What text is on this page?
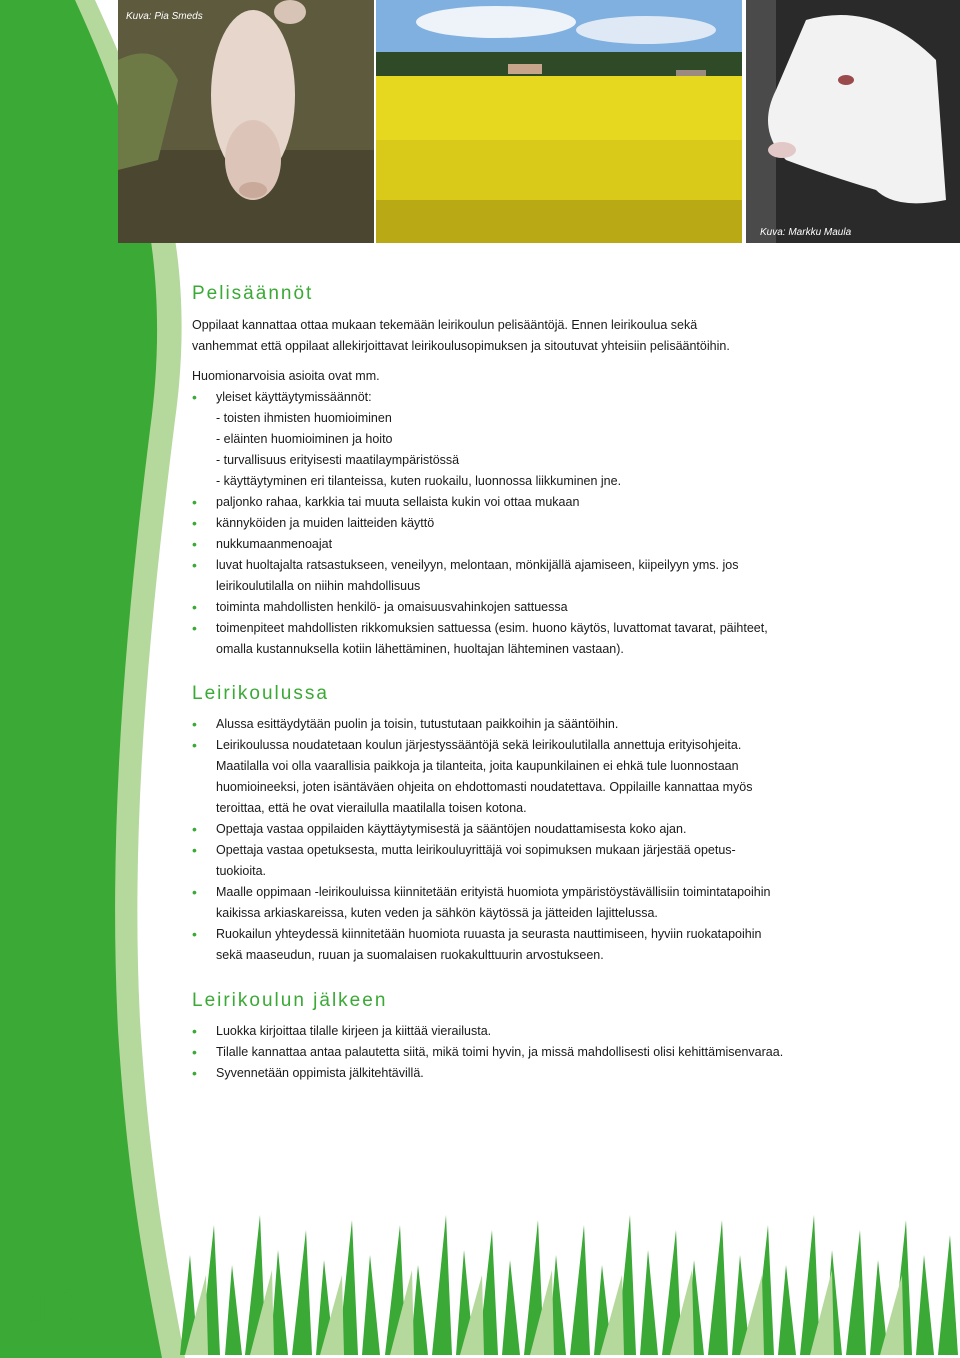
Kuva: Pia Smeds
Kuva: Markku Maula
Pelisäännöt

Oppilaat kannattaa ottaa mukaan tekemään leirikoulun pelisääntöjä. Ennen leirikoulua sekä
vanhemmat että oppilaat allekirjoittavat leirikoulusopimuksen ja sitoutuvat yhteisiin pelisääntöihin.

Huomionarvoisia asioita ovat mm.

• yleiset käyttäytymissäännöt:
- toisten ihmisten huomioiminen
- eläinten huomioiminen ja hoito
- turvallisuus erityisesti maatilaympäristössä
- käyttäytyminen eri tilanteissa, kuten ruokailu, luonnossa liikkuminen jne.
• paljonko rahaa, karkkia tai muuta sellaista kukin voi ottaa mukaan
• kännyköiden ja muiden laitteiden käyttö
• nukkumaanmenoajat
• luvat huoltajalta ratsastukseen, veneilyyn, melontaan, mönkijällä ajamiseen, kiipeilyyn yms. jos
leirikoulutilalla on niihin mahdollisuus
• toiminta mahdollisten henkilö- ja omaisuusvahinkojen sattuessa
• toimenpiteet mahdollisten rikkomuksien sattuessa (esim. huono käytös, luvattomat tavarat, päihteet,
omalla kustannuksella kotiin lähettäminen, huoltajan lähteminen vastaan).
Leirikoulussa
• Alussa esittäydytään puolin ja toisin, tutustutaan paikkoihin ja sääntöihin.
• Leirikoulussa noudatetaan koulun järjestyssääntöjä sekä leirikoulutilalla annettuja erityisohjeita.
Maatilalla voi olla vaarallisia paikkoja ja tilanteita, joita kaupunkilainen ei ehkä tule luonnostaan
huomioineeksi, joten isäntäväen ohjeita on ehdottomasti noudatettava. Oppilaille kannattaa myös
teroittaa, että he ovat vierailulla maatilalla toisen kotona.
• Opettaja vastaa oppilaiden käyttäytymisestä ja sääntöjen noudattamisesta koko ajan.
• Opettaja vastaa opetuksesta, mutta leirikouluyrittäjä voi sopimuksen mukaan järjestää opetus-
tuokioita.
• Maalle oppimaan -leirikouluissa kiinnitetään erityistä huomiota ympäristöystävällisiin toimintatapoihin
kaikissa arkiaskareissa, kuten veden ja sähkön käytössä ja jätteiden lajittelussa.
• Ruokailun yhteydessä kiinnitetään huomiota ruuasta ja seurasta nauttimiseen, hyviin ruokatapoihin
sekä maaseudun, ruuan ja suomalaisen ruokakulttuurin arvostukseen.
Leirikoulun jälkeen
• Luokka kirjoittaa tilalle kirjeen ja kiittää vierailusta.
• Tilalle kannattaa antaa palautetta siitä, mikä toimi hyvin, ja missä mahdollisesti olisi kehittämisenvaraa.
• Syvennetään oppimista jälkitehtävillä.
18
